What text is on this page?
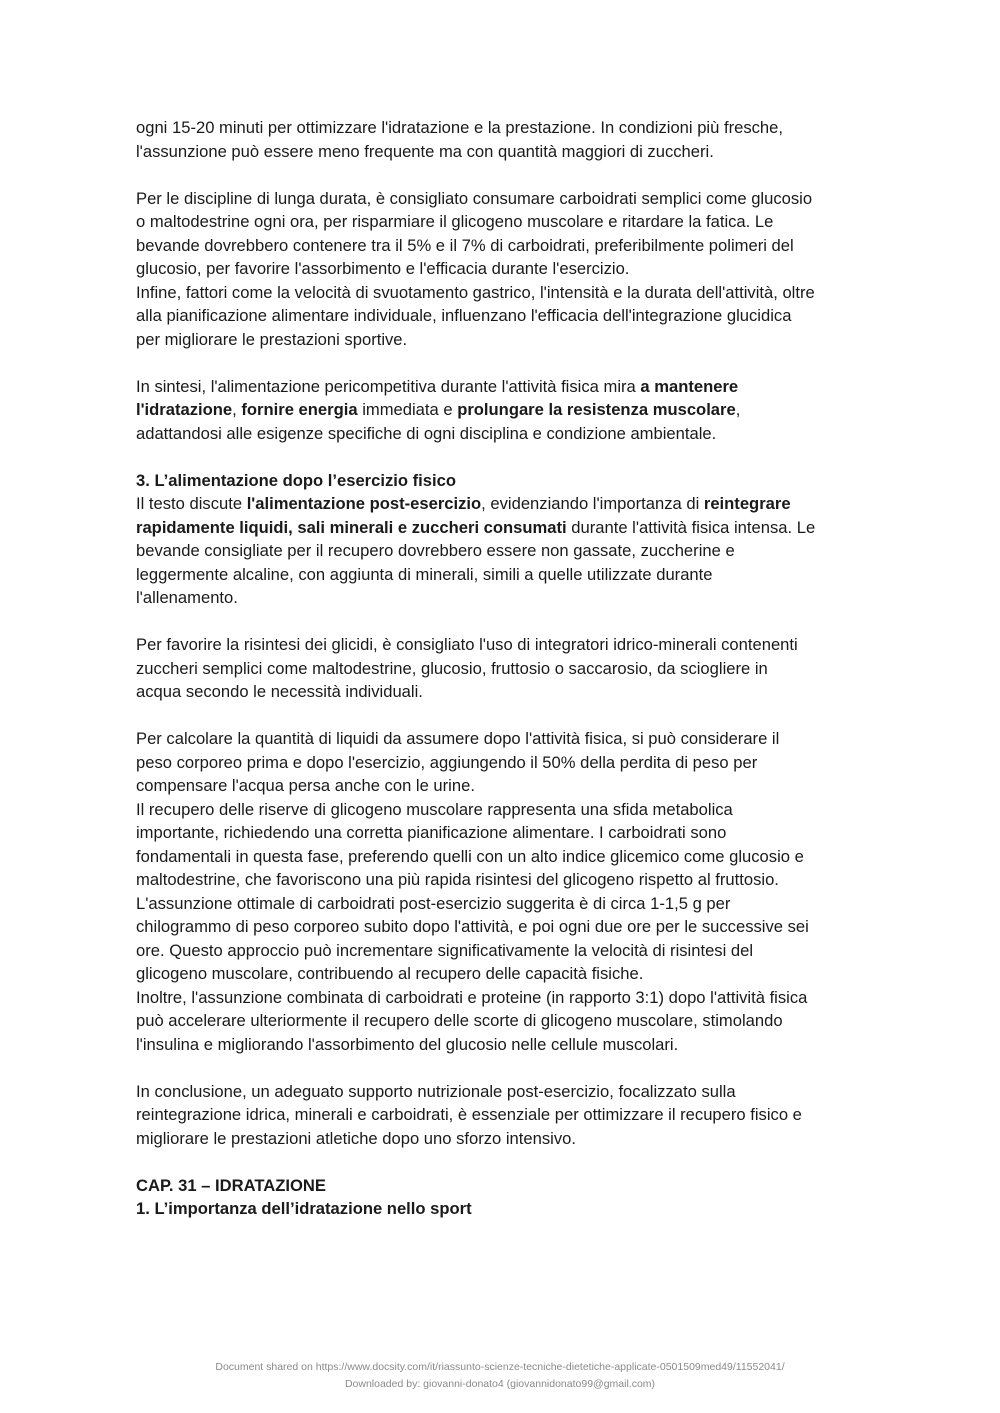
ogni 15-20 minuti per ottimizzare l'idratazione e la prestazione. In condizioni più fresche,
l'assunzione può essere meno frequente ma con quantità maggiori di zuccheri.
Per le discipline di lunga durata, è consigliato consumare carboidrati semplici come glucosio
o maltodestrine ogni ora, per risparmiare il glicogeno muscolare e ritardare la fatica. Le
bevande dovrebbero contenere tra il 5% e il 7% di carboidrati, preferibilmente polimeri del
glucosio, per favorire l'assorbimento e l'efficacia durante l'esercizio.
Infine, fattori come la velocità di svuotamento gastrico, l'intensità e la durata dell'attività, oltre
alla pianificazione alimentare individuale, influenzano l'efficacia dell'integrazione glucidica
per migliorare le prestazioni sportive.
In sintesi, l'alimentazione pericompetitiva durante l'attività fisica mira a mantenere
l'idratazione, fornire energia immediata e prolungare la resistenza muscolare,
adattandosi alle esigenze specifiche di ogni disciplina e condizione ambientale.
3. L’alimentazione dopo l’esercizio fisico
Il testo discute l'alimentazione post-esercizio, evidenziando l'importanza di reintegrare
rapidamente liquidi, sali minerali e zuccheri consumati durante l'attività fisica intensa. Le
bevande consigliate per il recupero dovrebbero essere non gassate, zuccherine e
leggermente alcaline, con aggiunta di minerali, simili a quelle utilizzate durante
l'allenamento.
Per favorire la risintesi dei glicidi, è consigliato l'uso di integratori idrico-minerali contenenti
zuccheri semplici come maltodestrine, glucosio, fruttosio o saccarosio, da sciogliere in
acqua secondo le necessità individuali.
Per calcolare la quantità di liquidi da assumere dopo l'attività fisica, si può considerare il
peso corporeo prima e dopo l'esercizio, aggiungendo il 50% della perdita di peso per
compensare l'acqua persa anche con le urine.
Il recupero delle riserve di glicogeno muscolare rappresenta una sfida metabolica
importante, richiedendo una corretta pianificazione alimentare. I carboidrati sono
fondamentali in questa fase, preferendo quelli con un alto indice glicemico come glucosio e
maltodestrine, che favoriscono una più rapida risintesi del glicogeno rispetto al fruttosio.
L'assunzione ottimale di carboidrati post-esercizio suggerita è di circa 1-1,5 g per
chilogrammo di peso corporeo subito dopo l'attività, e poi ogni due ore per le successive sei
ore. Questo approccio può incrementare significativamente la velocità di risintesi del
glicogeno muscolare, contribuendo al recupero delle capacità fisiche.
Inoltre, l'assunzione combinata di carboidrati e proteine (in rapporto 3:1) dopo l'attività fisica
può accelerare ulteriormente il recupero delle scorte di glicogeno muscolare, stimolando
l'insulina e migliorando l'assorbimento del glucosio nelle cellule muscolari.
In conclusione, un adeguato supporto nutrizionale post-esercizio, focalizzato sulla
reintegrazione idrica, minerali e carboidrati, è essenziale per ottimizzare il recupero fisico e
migliorare le prestazioni atletiche dopo uno sforzo intensivo.
CAP. 31 – IDRATAZIONE
1. L’importanza dell’idratazione nello sport
Document shared on https://www.docsity.com/it/riassunto-scienze-tecniche-dietetiche-applicate-0501509med49/11552041/
Downloaded by: giovanni-donato4 (giovannidonato99@gmail.com)
